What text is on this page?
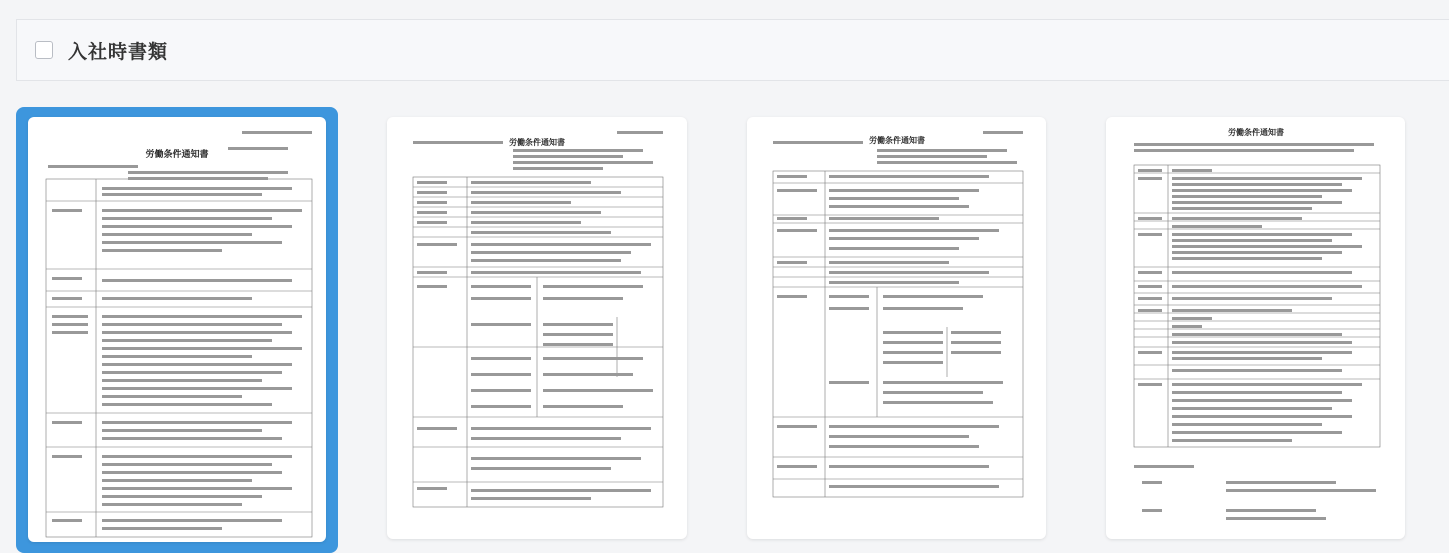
入社時書類
労働条件通知書
労働条件通知書	労働条件通知書
労働条件通知書
